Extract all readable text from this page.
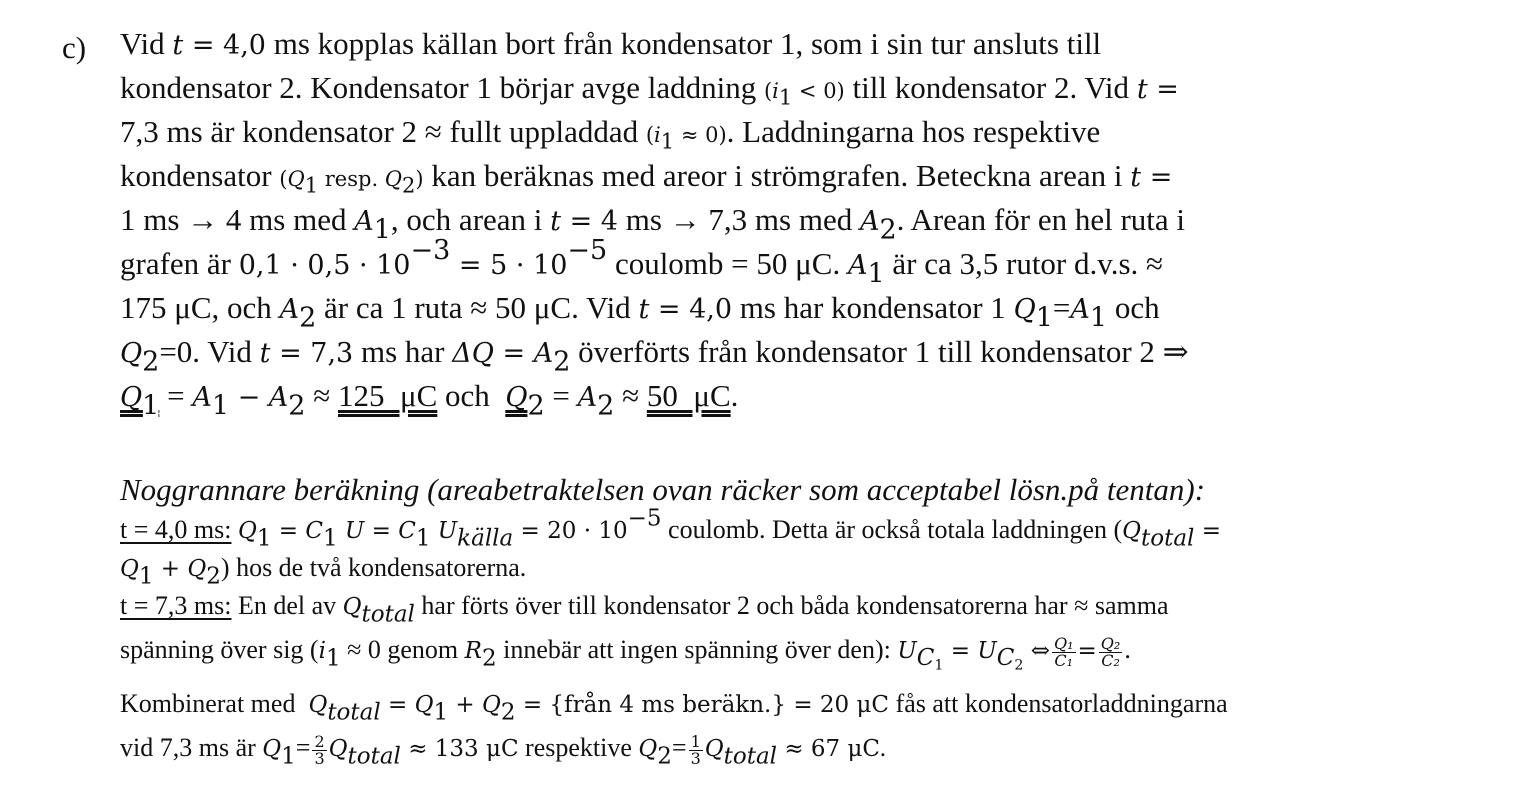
c) Vid t = 4,0 ms kopplas källan bort från kondensator 1, som i sin tur ansluts till
kondensator 2. Kondensator 1 börjar avge laddning $(i_1 < 0)$ till kondensator 2. Vid t =
7,3 ms är kondensator 2 ≈ fullt uppladdad $(i_1 \approx 0)$. Laddningarna hos respektive
kondensator ($Q_1$ resp. $Q_2$) kan beräknas med areor i strömgrafen. Beteckna arean i t =
1 ms → 4 ms med $A_1$, och arean i t = 4 ms → 7,3 ms med $A_2$. Arean för en hel ruta i
grafen är $0,1 \cdot 0,5 \cdot 10^{-3} = 5 \cdot 10^{-5}$ coulomb = 50 μC. $A_1$ är ca 3,5 rutor d.v.s. ≈
175 μC, och $A_2$ är ca 1 ruta ≈ 50 μC. Vid t = 4,0 ms har kondensator 1 $Q_1=A_1$ och
$Q_2=0$. Vid t = 7,3 ms har $\Delta Q = A_2$ överförts från kondensator 1 till kondensator 2 ⇒
$Q_1 = A_1 - A_2 \approx 125$  μC och  $Q_2 = A_2 \approx 50$  μC.
Noggrannare beräkning (areabetraktelsen ovan räcker som acceptabel lösn.på tentan):
t = 4,0 ms: $Q_1 = C_1$ $U = C_1$ $U_{källa} = 20 \cdot 10^{-5}$ coulomb. Detta är också totala laddningen ($Q_{total}$ =
$Q_1 + Q_2$) hos de två kondensatorerna.
t = 7,3 ms: En del av $Q_{total}$ har förts över till kondensator 2 och båda kondensatorerna har ≈ samma
spänning över sig ($i_1 \approx 0$ genom $R_2$ innebär att ingen spänning över den): $U_{C_1} = U_{C_2}$ ⇔ $\frac{\text{Q₁}}{\text{C₁}} = \frac{\text{Q₂}}{\text{C₂}}$ .
Kombinerat med  $Q_{total} = Q_1 + Q_2$ = {från 4 ms beräkn.} = 20 μC fås att kondensatorladdningarna
vid 7,3 ms är $Q_1= \frac{2}{3} Q_{total} \approx 133$ μC respektive $Q_2= \frac{1}{3} Q_{total} \approx 67$ μC.
